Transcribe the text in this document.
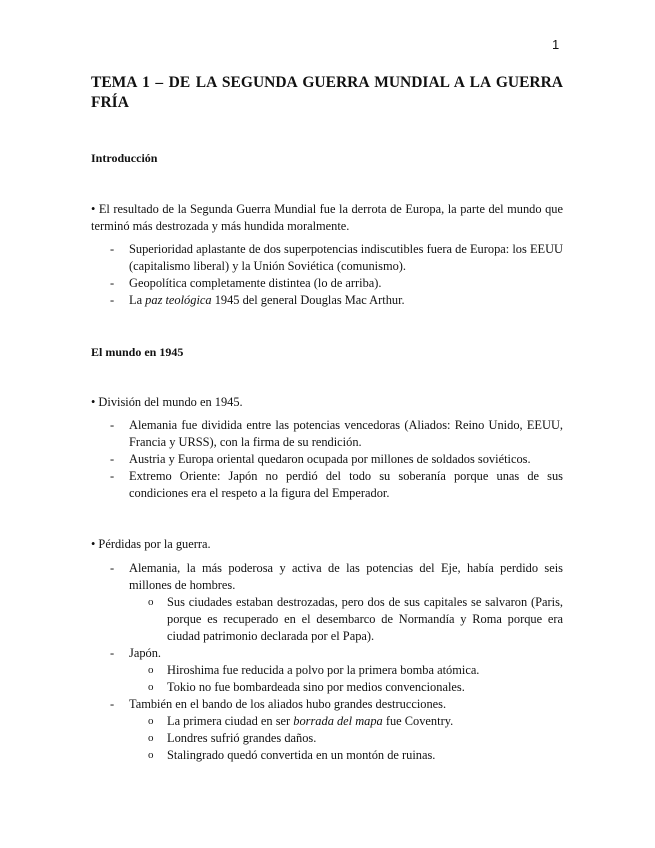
1
TEMA 1 – DE LA SEGUNDA GUERRA MUNDIAL A LA GUERRA FRÍA
Introducción
• El resultado de la Segunda Guerra Mundial fue la derrota de Europa, la parte del mundo que terminó más destrozada y más hundida moralmente.
- Superioridad aplastante de dos superpotencias indiscutibles fuera de Europa: los EEUU (capitalismo liberal) y la Unión Soviética (comunismo).
- Geopolítica completamente distintea (lo de arriba).
- La paz teológica 1945 del general Douglas Mac Arthur.
El mundo en 1945
• División del mundo en 1945.
- Alemania fue dividida entre las potencias vencedoras (Aliados: Reino Unido, EEUU, Francia y URSS), con la firma de su rendición.
- Austria y Europa oriental quedaron ocupada por millones de soldados soviéticos.
- Extremo Oriente: Japón no perdió del todo su soberanía porque unas de sus condiciones era el respeto a la figura del Emperador.
• Pérdidas por la guerra.
- Alemania, la más poderosa y activa de las potencias del Eje, había perdido seis millones de hombres.
o Sus ciudades estaban destrozadas, pero dos de sus capitales se salvaron (Paris, porque es recuperado en el desembarco de Normandía y Roma porque era ciudad patrimonio declarada por el Papa).
- Japón.
o Hiroshima fue reducida a polvo por la primera bomba atómica.
o Tokio no fue bombardeada sino por medios convencionales.
- También en el bando de los aliados hubo grandes destrucciones.
o La primera ciudad en ser borrada del mapa fue Coventry.
o Londres sufrió grandes daños.
o Stalingrado quedó convertida en un montón de ruinas.
